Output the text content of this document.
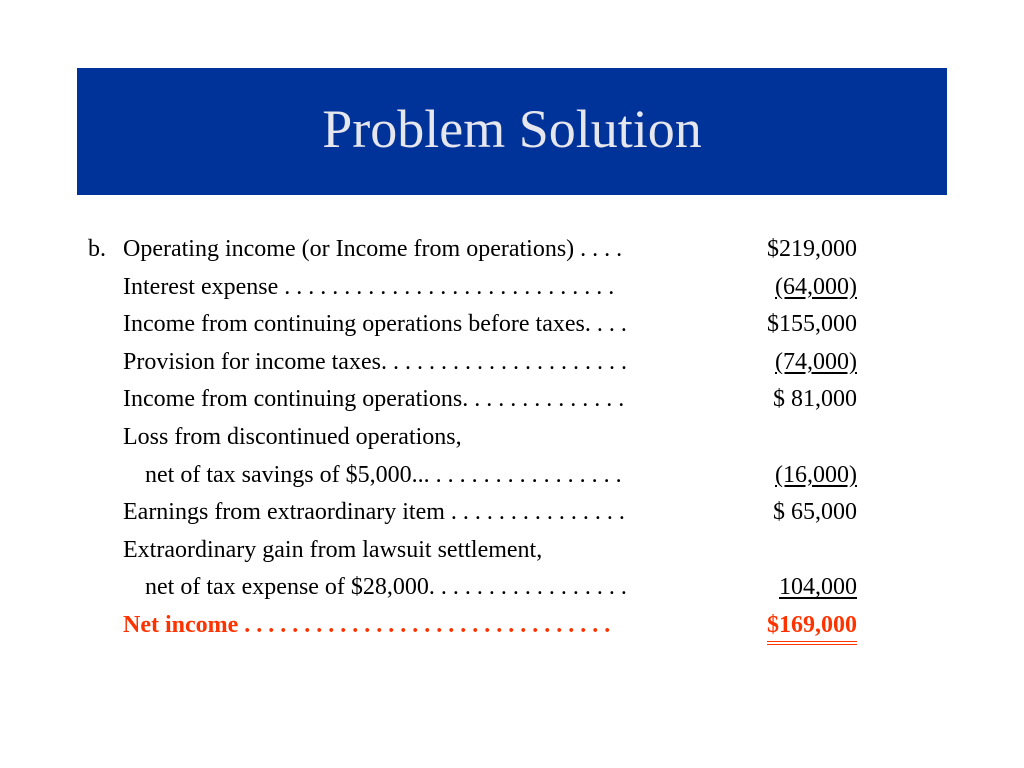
Problem Solution
b. Operating income (or Income from operations) . . . .	$219,000
Interest expense . . . . . . . . . . . . . . . . . . . . . . . . . . . .	(64,000)
Income from continuing operations before taxes. . . .	$155,000
Provision for income taxes. . . . . . . . . . . . . . . . . . . . .	(74,000)
Income from continuing operations. . . . . . . . . . . . . .	$ 81,000
Loss from discontinued operations,
net of tax savings of $5,000... . . . . . . . . . . . . . . . .	(16,000)
Earnings from extraordinary item . . . . . . . . . . . . . . .	$ 65,000
Extraordinary gain from lawsuit settlement,
net of tax expense of $28,000. . . . . . . . . . . . . . . . .	104,000
Net income . . . . . . . . . . . . . . . . . . . . . . . . . . . . . . .	$169,000
